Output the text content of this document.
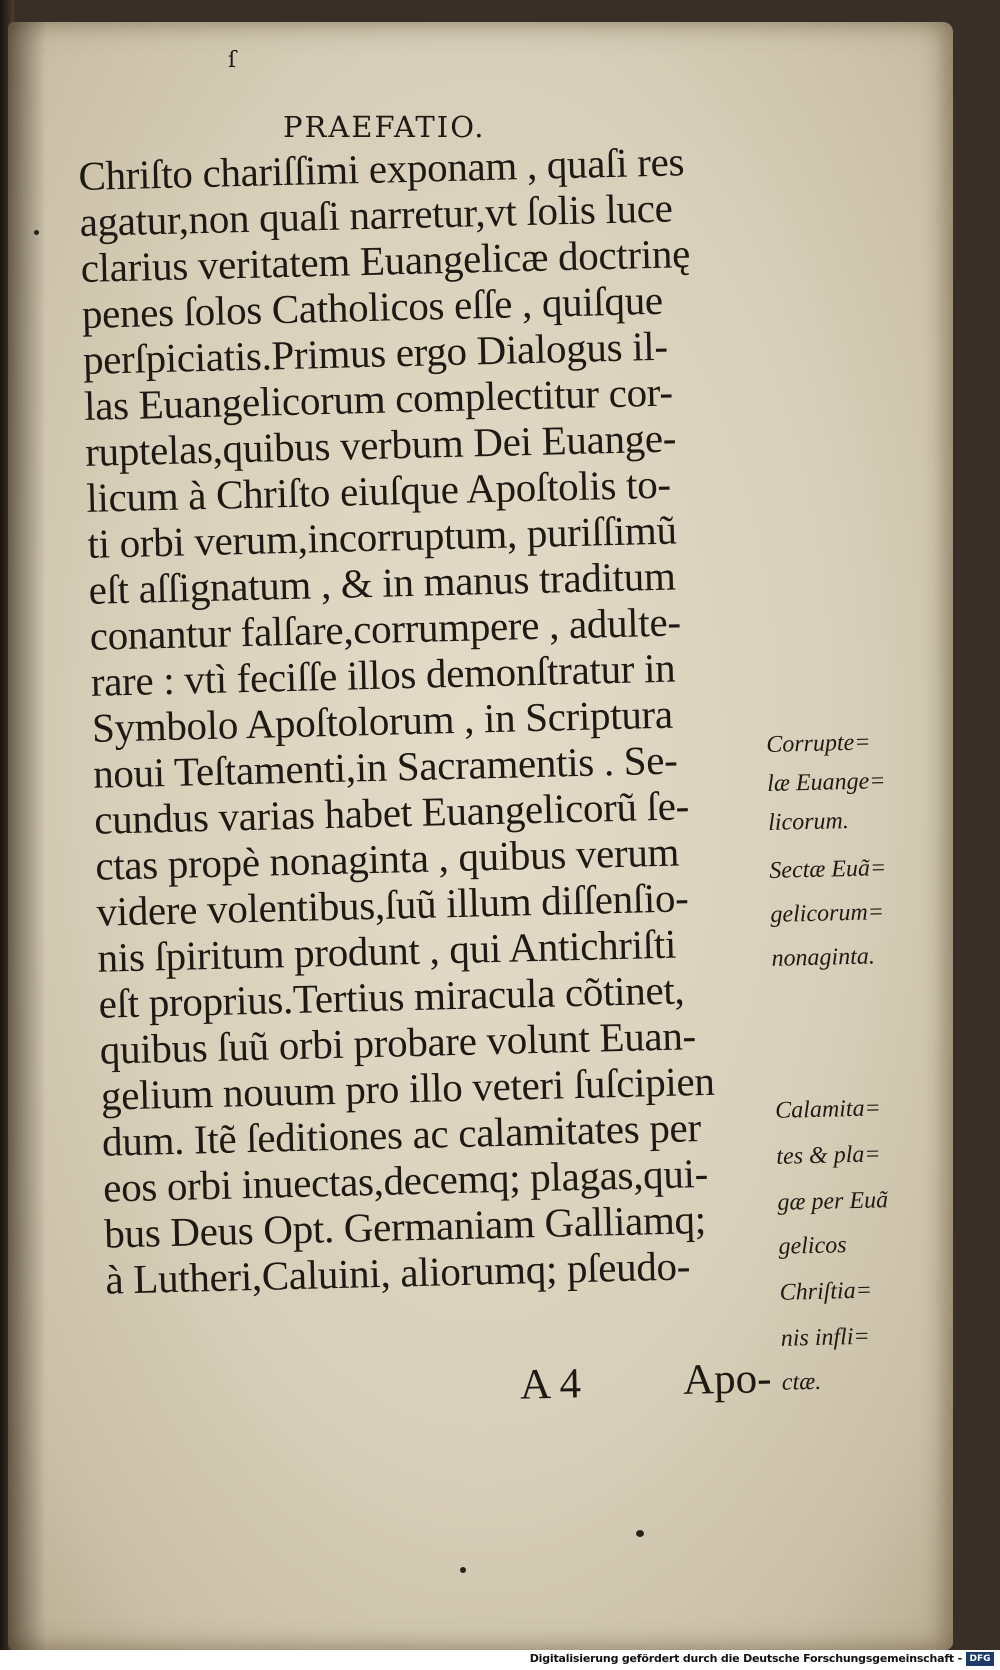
ſ
PRAEFATIO.
Chriſto chariſſimi exponam , quaſi res
agatur,non quaſi narretur,vt ſolis luce
clarius veritatem Euangelicæ doctrinę
penes ſolos Catholicos eſſe , quiſque
perſpiciatis.Primus ergo Dialogus il-
las Euangelicorum complectitur cor-
ruptelas,quibus verbum Dei Euange-
licum à Chriſto eiuſque Apoſtolis to-
ti orbi verum,incorruptum, puriſſimũ
eſt aſſignatum , & in manus traditum
conantur falſare,corrumpere , adulte-
rare : vtì feciſſe illos demonſtratur in
Symbolo Apoſtolorum , in Scriptura
noui Teſtamenti,in Sacramentis . Se-
cundus varias habet Euangelicorũ ſe-
ctas propè nonaginta , quibus verum
videre volentibus,ſuũ illum diſſenſio-
nis ſpiritum produnt , qui Antichriſti
eſt proprius.Tertius miracula cõtinet,
quibus ſuũ orbi probare volunt Euan-
gelium nouum pro illo veteri ſuſcipien
dum. Itẽ ſeditiones ac calamitates per
eos orbi inuectas,decemq; plagas,qui-
bus Deus Opt. Germaniam Galliamq;
à Lutheri,Caluini, aliorumq; pſeudo-
Corrupte=
læ Euange=
licorum.
Sectæ Euã=
gelicorum=
nonaginta.
Calamita=
tes & pla=
gæ per Euã
gelicos
Chriſtia=
nis infli=
ctæ.
A 4 Apo-
Digitalisierung gefördert durch die Deutsche Forschungsgemeinschaft - DFG
